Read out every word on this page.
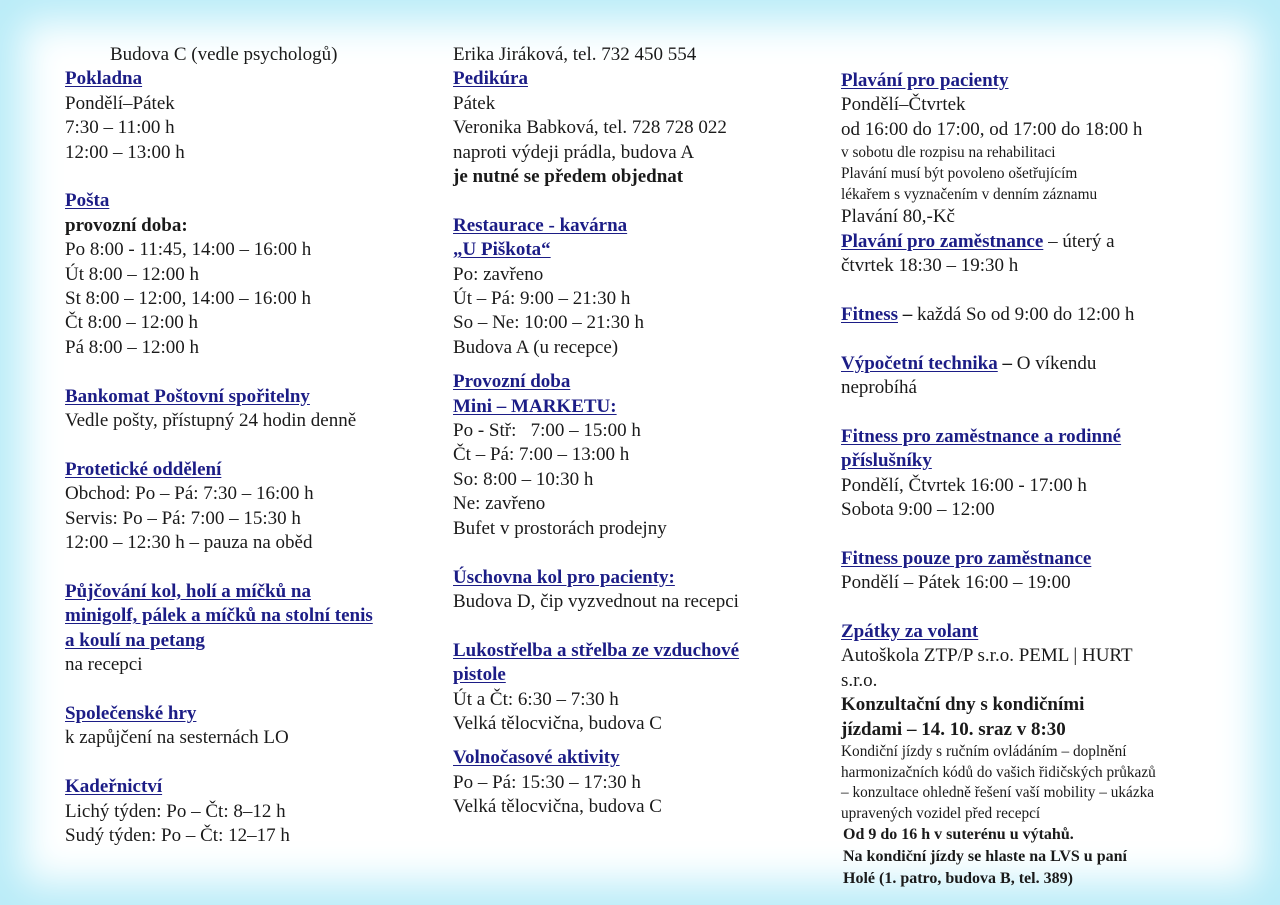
Budova C (vedle psychologů)
Pokladna
Pondělí–Pátek
7:30 – 11:00 h
12:00 – 13:00 h
Pošta
provozní doba:
Po 8:00 - 11:45, 14:00 – 16:00 h
Út 8:00 – 12:00 h
St 8:00 – 12:00, 14:00 – 16:00 h
Čt 8:00 – 12:00 h
Pá 8:00 – 12:00 h
Bankomat Poštovní spořitelny
Vedle pošty, přístupný 24 hodin denně
Protetické oddělení
Obchod: Po – Pá: 7:30 – 16:00 h
Servis: Po – Pá: 7:00 – 15:30 h
12:00 – 12:30 h – pauza na oběd
Půjčování kol, holí a míčků na
minigolf, pálek a míčků na stolní tenis
a koulí na petang
na recepci
Společenské hry
k zapůjčení na sesternách LO
Kadeřnictví
Lichý týden: Po – Čt: 8–12 h
Sudý týden: Po – Čt: 12–17 h
Erika Jiráková, tel. 732 450 554
Pedikúra
Pátek
Veronika Babková, tel. 728 728 022
naproti výdeji prádla, budova A
je nutné se předem objednat
Restaurace - kavárna
„U Piškota“
Po: zavřeno
Út – Pá: 9:00 – 21:30 h
So – Ne: 10:00 – 21:30 h
Budova A (u recepce)
Provozní doba
Mini – MARKETU:
Po - Stř:   7:00 – 15:00 h
Čt – Pá: 7:00 – 13:00 h
So: 8:00 – 10:30 h
Ne: zavřeno
Bufet v prostorách prodejny
Úschovna kol pro pacienty:
Budova D, čip vyzvednout na recepci
Lukostřelba a střelba ze vzduchové
pistole
Út a Čt: 6:30 – 7:30 h
Velká tělocvična, budova C
Volnočasové aktivity
Po – Pá: 15:30 – 17:30 h
Velká tělocvična, budova C
Plavání pro pacienty
Pondělí–Čtvrtek
od 16:00 do 17:00, od 17:00 do 18:00 h
v sobotu dle rozpisu na rehabilitaci
Plavání musí být povoleno ošetřujícím
lékařem s vyznačením v denním záznamu
Plavání 80,-Kč
Plavání pro zaměstnance – úterý a
čtvrtek 18:30 – 19:30 h
Fitness – každá So od 9:00 do 12:00 h
Výpočetní technika – O víkendu
neprobíhá
Fitness pro zaměstnance a rodinné
příslušníky
Pondělí, Čtvrtek 16:00 - 17:00 h
Sobota 9:00 – 12:00
Fitness pouze pro zaměstnance
Pondělí – Pátek 16:00 – 19:00
Zpátky za volant
Autoškola ZTP/P s.r.o. PEML | HURT
s.r.o.
Konzultační dny s kondičními
jízdami – 14. 10. sraz v 8:30
Kondiční jízdy s ručním ovládáním – doplnění
harmonizačních kódů do vašich řidičských průkazů
– konzultace ohledně řešení vaší mobility – ukázka
upravených vozidel před recepcí
Od 9 do 16 h v suterénu u výtahů.
Na kondiční jízdy se hlaste na LVS u paní
Holé (1. patro, budova B, tel. 389)
